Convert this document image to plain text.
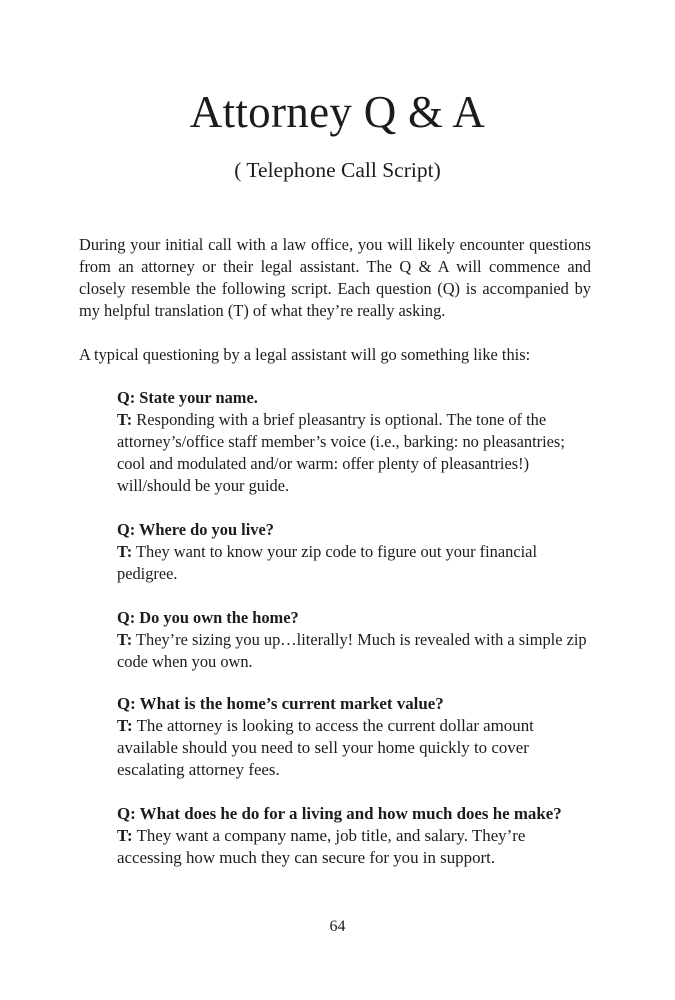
Attorney Q & A
( Telephone Call Script)

During your initial call with a law office, you will likely encounter questions from an attorney or their legal assistant. The Q & A will commence and closely resemble the following script. Each question (Q) is accompanied by my helpful translation (T) of what they’re really asking.

A typical questioning by a legal assistant will go something like this:

Q: State your name.
T: Responding with a brief pleasantry is optional. The tone of the attorney’s/office staff member’s voice (i.e., barking: no pleasantries; cool and modulated and/or warm: offer plenty of pleasantries!) will/should be your guide.
Q: Where do you live?
T: They want to know your zip code to figure out your financial pedigree.
Q: Do you own the home?
T: They’re sizing you up…literally! Much is revealed with a simple zip code when you own.
Q: What is the home’s current market value?
T: The attorney is looking to access the current dollar amount available should you need to sell your home quickly to cover escalating attorney fees.
Q: What does he do for a living and how much does he make?
T: They want a company name, job title, and salary. They’re accessing how much they can secure for you in support.
64
